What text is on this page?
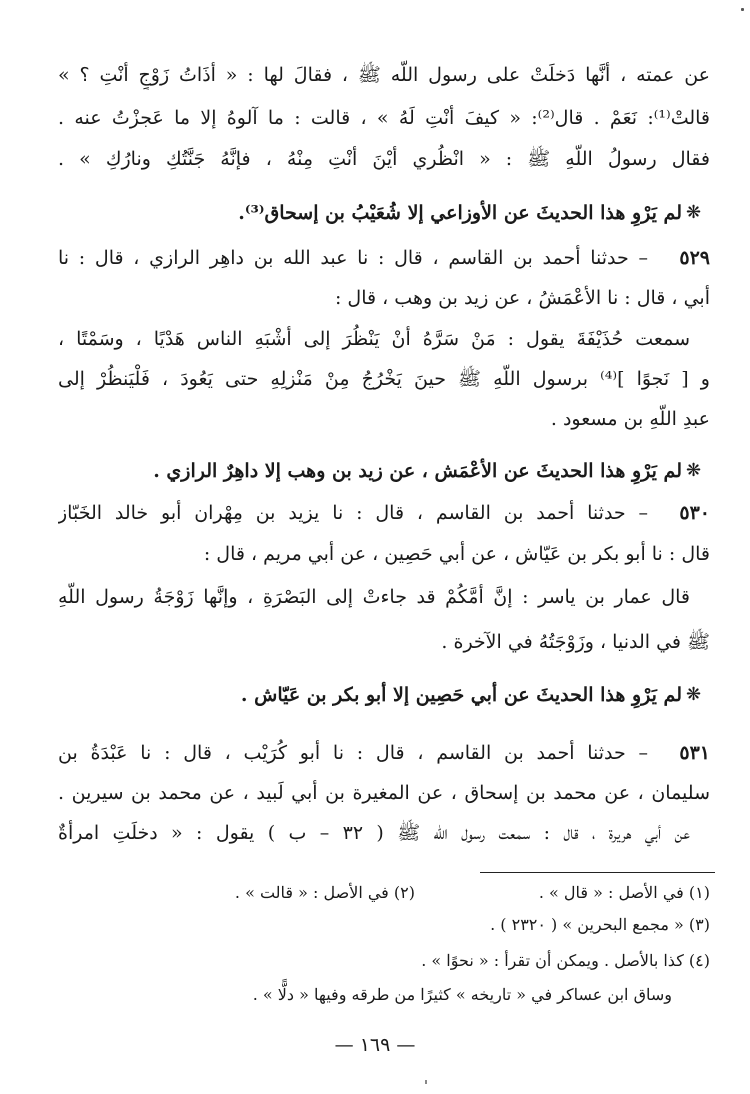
عن عمته ، أنَّها دَخلَتْ على رسول اللّه ﷺ ، فقالَ لها : « أذَاتُ زَوْجٍ أنْتِ ؟ »
قالتْ⁽¹⁾: نَعَمْ . قال⁽²⁾: « كيفَ أنْتِ لَهُ » ، قالت : ما آلوهُ إلا ما عَجزْتُ عنه .
فقال رسولُ اللّهِ ﷺ : « انْظُري أيْنَ أنْتِ مِنْهُ ، فإنَّهُ جَنَّتُكِ ونارُكِ » .
❋
لم يَرْوِ هذا الحديثَ عن الأوزاعي إلا شُعَيْبُ بن إسحاق⁽³⁾.
– حدثنا أحمد بن القاسم ، قال : نا عبد الله بن داهِر الرازي ، قال : نا ٥٢٩
أبي ، قال : نا الأعْمَشُ ، عن زيد بن وهب ، قال :
سمعت حُذَيْفَةَ يقول : مَنْ سَرَّهُ أنْ يَنْظُرَ إلى أشْبَهِ الناس هَدْيًا ، وسَمْتًا ،
و [ نَجوًا ]⁽⁴⁾ برسول اللّهِ ﷺ حينَ يَخْرُجُ مِنْ مَنْزلِهِ حتى يَعُودَ ، فَلْيَنظُرْ إلى
عبدِ اللّهِ بن مسعود .
❋
لم يَرْوِ هذا الحديثَ عن الأعْمَش ، عن زيد بن وهب إلا داهِرٌ الرازي .
– حدثنا أحمد بن القاسم ، قال : نا يزيد بن مِهْران أبو خالد الخَبّاز ٥٣٠
قال : نا أبو بكر بن عَيّاش ، عن أبي حَصِين ، عن أبي مريم ، قال :
قال عمار بن ياسر : إنَّ أمَّكُمْ قد جاءتْ إلى البَصْرَةِ ، وإنَّها زَوْجَةُ رسول اللّهِ
ﷺ في الدنيا ، وزَوْجَتُهُ في الآخرة .
❋
لم يَرْوِ هذا الحديثَ عن أبي حَصِين إلا أبو بكر بن عَيّاش .
– حدثنا أحمد بن القاسم ، قال : نا أبو كُرَيْب ، قال : نا عَبْدَةُ بن ٥٣١
سليمان ، عن محمد بن إسحاق ، عن المغيرة بن أبي لَبيد ، عن محمد بن سيرين .
عن أبي هريرة ، قال : سمعت رسول الله ﷺ ( ٣٢ – ب ) يقول : « دخلَتِ امرأةٌ
(١) في الأصل : « قال » .
(٢) في الأصل : « قالت » .
(٣) « مجمع البحرين » ( ٢٣٢٠ ) .
(٤) كذا بالأصل . ويمكن أن تقرأ : « نحوًا » .
وساق ابن عساكر في « تاريخه » كثيرًا من طرقه وفيها « دلًّا » .
— ١٦٩ —
